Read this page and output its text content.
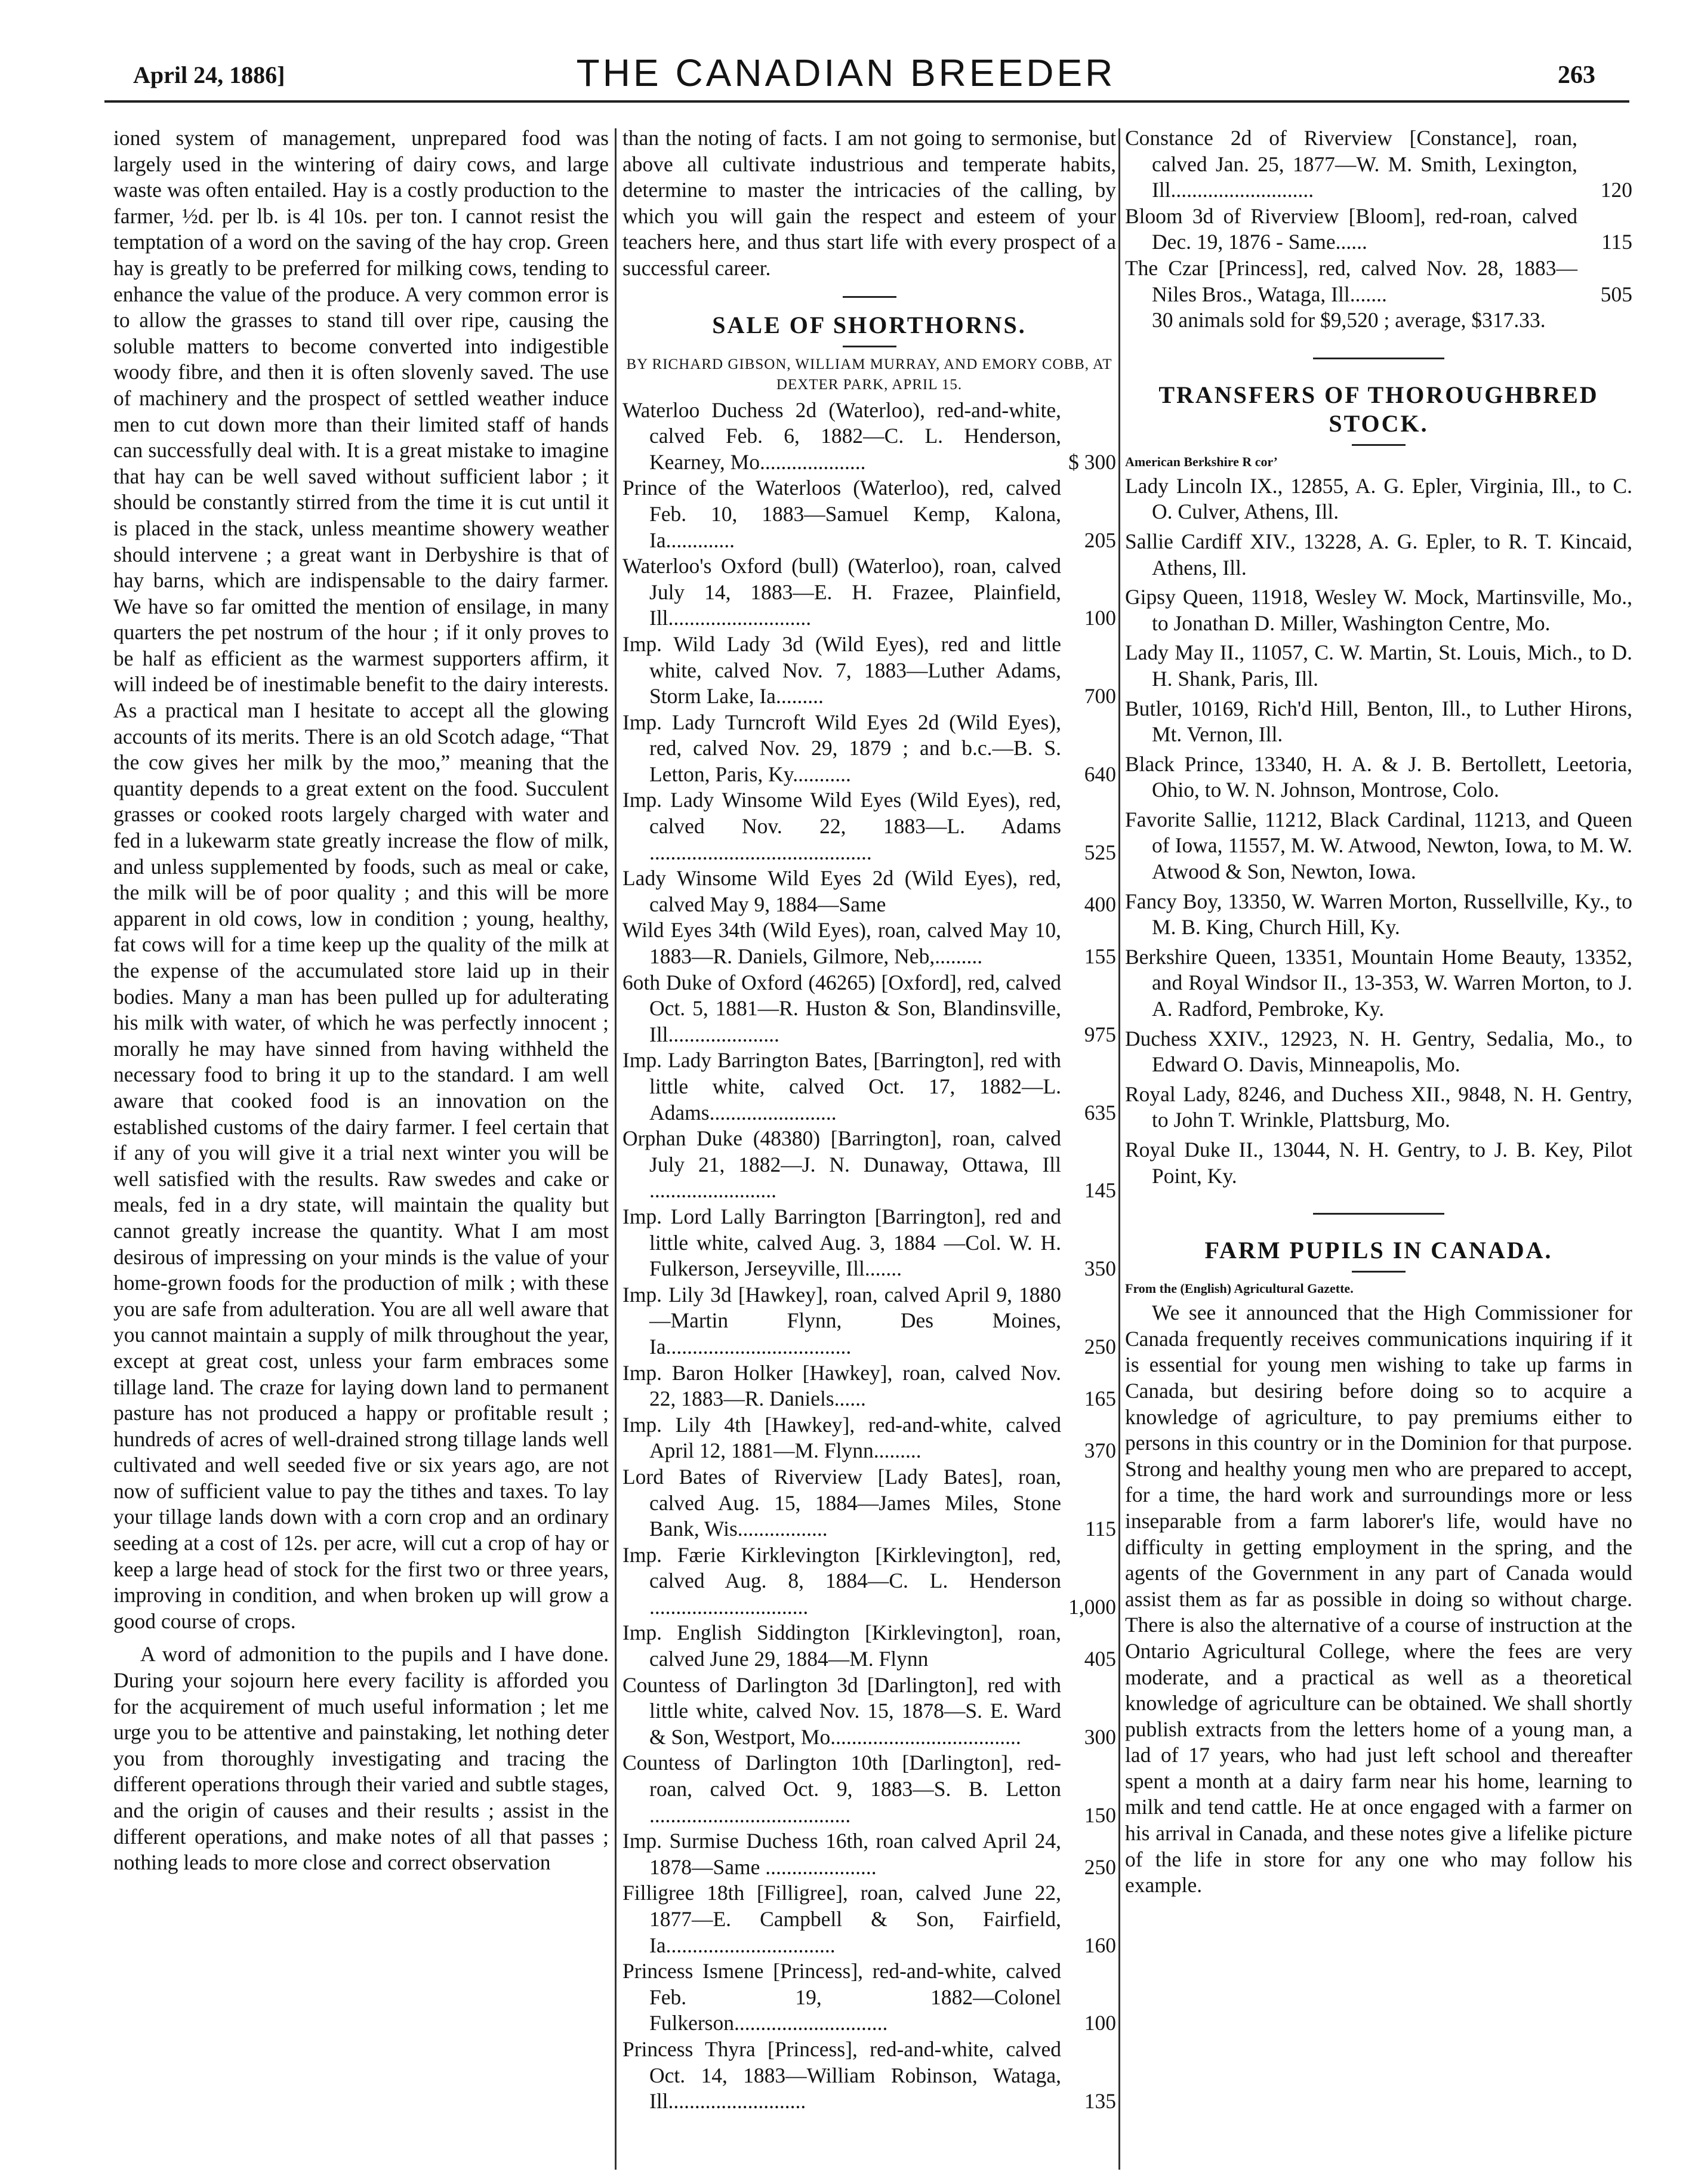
April 24, 1886]	THE CANADIAN BREEDER	263

ioned system of management, unprepared food was largely used in the wintering of dairy cows, and large waste was often entailed. Hay is a costly production to the farmer, ½d. per lb. is 4l 10s. per ton. I cannot resist the temptation of a word on the saving of the hay crop. Green hay is greatly to be preferred for milking cows, tending to enhance the value of the produce. A very common error is to allow the grasses to stand till over ripe, causing the soluble matters to become converted into indigestible woody fibre, and then it is often slovenly saved. The use of machinery and the prospect of settled weather induce men to cut down more than their limited staff of hands can successfully deal with. It is a great mistake to imagine that hay can be well saved without sufficient labor ; it should be constantly stirred from the time it is cut until it is placed in the stack, unless meantime showery weather should intervene ; a great want in Derbyshire is that of hay barns, which are indispensable to the dairy farmer. We have so far omitted the mention of ensilage, in many quarters the pet nostrum of the hour ; if it only proves to be half as efficient as the warmest supporters affirm, it will indeed be of inestimable benefit to the dairy interests. As a practical man I hesitate to accept all the glowing accounts of its merits. There is an old Scotch adage, “That the cow gives her milk by the moo,” meaning that the quantity depends to a great extent on the food. Succulent grasses or cooked roots largely charged with water and fed in a lukewarm state greatly increase the flow of milk, and unless supplemented by foods, such as meal or cake, the milk will be of poor quality ; and this will be more apparent in old cows, low in condition ; young, healthy, fat cows will for a time keep up the quality of the milk at the expense of the accumulated store laid up in their bodies. Many a man has been pulled up for adulterating his milk with water, of which he was perfectly innocent ; morally he may have sinned from having withheld the necessary food to bring it up to the standard. I am well aware that cooked food is an innovation on the established customs of the dairy farmer. I feel certain that if any of you will give it a trial next winter you will be well satisfied with the results. Raw swedes and cake or meals, fed in a dry state, will maintain the quality but cannot greatly increase the quantity. What I am most desirous of impressing on your minds is the value of your home-grown foods for the production of milk ; with these you are safe from adulteration. You are all well aware that you cannot maintain a supply of milk throughout the year, except at great cost, unless your farm embraces some tillage land. The craze for laying down land to permanent pasture has not produced a happy or profitable result ; hundreds of acres of well-drained strong tillage lands well cultivated and well seeded five or six years ago, are not now of sufficient value to pay the tithes and taxes. To lay your tillage lands down with a corn crop and an ordinary seeding at a cost of 12s. per acre, will cut a crop of hay or keep a large head of stock for the first two or three years, improving in condition, and when broken up will grow a good course of crops.

A word of admonition to the pupils and I have done. During your sojourn here every facility is afforded you for the acquirement of much useful information ; let me urge you to be attentive and painstaking, let nothing deter you from thoroughly investigating and tracing the different operations through their varied and subtle stages, and the origin of causes and their results ; assist in the different operations, and make notes of all that passes ; nothing leads to more close and correct observation

than the noting of facts. I am not going to sermonise, but above all cultivate industrious and temperate habits, determine to master the intricacies of the calling, by which you will gain the respect and esteem of your teachers here, and thus start life with every prospect of a successful career.

SALE OF SHORTHORNS.

BY RICHARD GIBSON, WILLIAM MURRAY, AND EMORY COBB, AT DEXTER PARK, APRIL 15.

Waterloo Duchess 2d (Waterloo), red-and-white, calved Feb. 6, 1882—C. L. Henderson, Kearney, Mo....................	$ 300
Prince of the Waterloos (Waterloo), red, calved Feb. 10, 1883—Samuel Kemp, Kalona, Ia.............	205
Waterloo's Oxford (bull) (Waterloo), roan, calved July 14, 1883—E. H. Frazee, Plainfield, Ill...........................	100
Imp. Wild Lady 3d (Wild Eyes), red and little white, calved Nov. 7, 1883—Luther Adams, Storm Lake, Ia.........	700
Imp. Lady Turncroft Wild Eyes 2d (Wild Eyes), red, calved Nov. 29, 1879 ; and b.c.—B. S. Letton, Paris, Ky...........	640
Imp. Lady Winsome Wild Eyes (Wild Eyes), red, calved Nov. 22, 1883—L. Adams ..........................................	525
Lady Winsome Wild Eyes 2d (Wild Eyes), red, calved May 9, 1884—Same	400
Wild Eyes 34th (Wild Eyes), roan, calved May 10, 1883—R. Daniels, Gilmore, Neb,.........	155
6oth Duke of Oxford (46265) [Oxford], red, calved Oct. 5, 1881—R. Huston & Son, Blandinsville, Ill.....................	975
Imp. Lady Barrington Bates, [Barrington], red with little white, calved Oct. 17, 1882—L. Adams........................	635
Orphan Duke (48380) [Barrington], roan, calved July 21, 1882—J. N. Dunaway, Ottawa, Ill ........................	145
Imp. Lord Lally Barrington [Barrington], red and little white, calved Aug. 3, 1884 —Col. W. H. Fulkerson, Jerseyville, Ill.......	350
Imp. Lily 3d [Hawkey], roan, calved April 9, 1880—Martin Flynn, Des Moines, Ia...................................	250
Imp. Baron Holker [Hawkey], roan, calved Nov. 22, 1883—R. Daniels......	165
Imp. Lily 4th [Hawkey], red-and-white, calved April 12, 1881—M. Flynn.........	370
Lord Bates of Riverview [Lady Bates], roan, calved Aug. 15, 1884—James Miles, Stone Bank, Wis.................	115
Imp. Færie Kirklevington [Kirklevington], red, calved Aug. 8, 1884—C. L. Henderson ..............................	1,000
Imp. English Siddington [Kirklevington], roan, calved June 29, 1884—M. Flynn	405
Countess of Darlington 3d [Darlington], red with little white, calved Nov. 15, 1878—S. E. Ward & Son, Westport, Mo....................................	300
Countess of Darlington 10th [Darlington], red-roan, calved Oct. 9, 1883—S. B. Letton ......................................	150
Imp. Surmise Duchess 16th, roan calved April 24, 1878—Same .....................	250
Filligree 18th [Filligree], roan, calved June 22, 1877—E. Campbell & Son, Fairfield, Ia................................	160
Princess Ismene [Princess], red-and-white, calved Feb. 19, 1882—Colonel Fulkerson.............................	100
Princess Thyra [Princess], red-and-white, calved Oct. 14, 1883—William Robinson, Wataga, Ill..........................	135
Constance 2d of Riverview [Constance], roan, calved Jan. 25, 1877—W. M. Smith, Lexington, Ill...........................	120
Bloom 3d of Riverview [Bloom], red-roan, calved Dec. 19, 1876 - Same......	115
The Czar [Princess], red, calved Nov. 28, 1883—Niles Bros., Wataga, Ill.......	505

30 animals sold for $9,520 ; average, $317.33.

TRANSFERS OF THOROUGHBRED STOCK.

American Berkshire R cor’

Lady Lincoln IX., 12855, A. G. Epler, Virginia, Ill., to C. O. Culver, Athens, Ill.

Sallie Cardiff XIV., 13228, A. G. Epler, to R. T. Kincaid, Athens, Ill.

Gipsy Queen, 11918, Wesley W. Mock, Martinsville, Mo., to Jonathan D. Miller, Washington Centre, Mo.

Lady May II., 11057, C. W. Martin, St. Louis, Mich., to D. H. Shank, Paris, Ill.

Butler, 10169, Rich'd Hill, Benton, Ill., to Luther Hirons, Mt. Vernon, Ill.

Black Prince, 13340, H. A. & J. B. Bertollett, Leetoria, Ohio, to W. N. Johnson, Montrose, Colo.

Favorite Sallie, 11212, Black Cardinal, 11213, and Queen of Iowa, 11557, M. W. Atwood, Newton, Iowa, to M. W. Atwood & Son, Newton, Iowa.

Fancy Boy, 13350, W. Warren Morton, Russellville, Ky., to M. B. King, Church Hill, Ky.

Berkshire Queen, 13351, Mountain Home Beauty, 13352, and Royal Windsor II., 13-353, W. Warren Morton, to J. A. Radford, Pembroke, Ky.

Duchess XXIV., 12923, N. H. Gentry, Sedalia, Mo., to Edward O. Davis, Minneapolis, Mo.

Royal Lady, 8246, and Duchess XII., 9848, N. H. Gentry, to John T. Wrinkle, Plattsburg, Mo.

Royal Duke II., 13044, N. H. Gentry, to J. B. Key, Pilot Point, Ky.

FARM PUPILS IN CANADA.

From the (English) Agricultural Gazette.

We see it announced that the High Commissioner for Canada frequently receives communications inquiring if it is essential for young men wishing to take up farms in Canada, but desiring before doing so to acquire a knowledge of agriculture, to pay premiums either to persons in this country or in the Dominion for that purpose. Strong and healthy young men who are prepared to accept, for a time, the hard work and surroundings more or less inseparable from a farm laborer's life, would have no difficulty in getting employment in the spring, and the agents of the Government in any part of Canada would assist them as far as possible in doing so without charge. There is also the alternative of a course of instruction at the Ontario Agricultural College, where the fees are very moderate, and a practical as well as a theoretical knowledge of agriculture can be obtained. We shall shortly publish extracts from the letters home of a young man, a lad of 17 years, who had just left school and thereafter spent a month at a dairy farm near his home, learning to milk and tend cattle. He at once engaged with a farmer on his arrival in Canada, and these notes give a lifelike picture of the life in store for any one who may follow his example.
